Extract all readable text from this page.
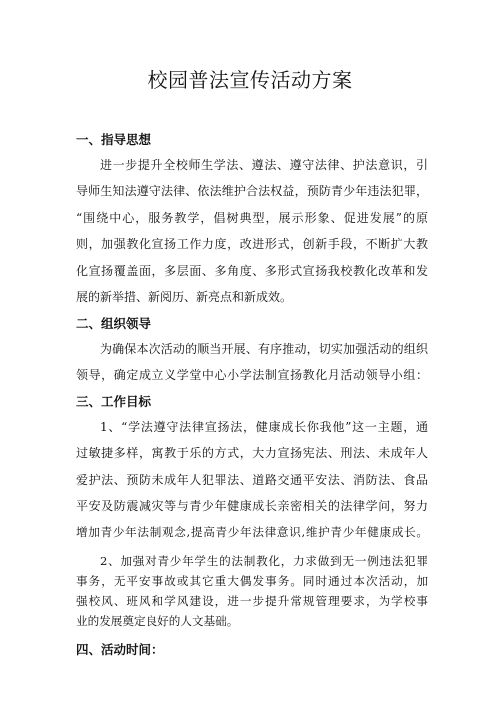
校园普法宣传活动方案
一、指导思想
进一步提升全校师生学法、遵法、遵守法律、护法意识，引
导师生知法遵守法律、依法维护合法权益，预防青少年违法犯罪，
“围绕中心，服务教学，倡树典型，展示形象、促进发展”的原
则，加强教化宣扬工作力度，改进形式，创新手段，不断扩大教
化宣扬覆盖面，多层面、多角度、多形式宣扬我校教化改革和发
展的新举措、新阅历、新亮点和新成效。
二、组织领导
为确保本次活动的顺当开展、有序推动，切实加强活动的组织
领导，确定成立义学堂中心小学法制宣扬教化月活动领导小组：
三、工作目标
1、“学法遵守法律宣扬法，健康成长你我他”这一主题，通
过敏捷多样，寓教于乐的方式，大力宣扬宪法、刑法、未成年人
爱护法、预防未成年人犯罪法、道路交通平安法、消防法、食品
平安及防震减灾等与青少年健康成长亲密相关的法律学问，努力
增加青少年法制观念,提高青少年法律意识,维护青少年健康成长。
2、加强对青少年学生的法制教化，力求做到无一例违法犯罪
事务，无平安事故或其它重大偶发事务。同时通过本次活动，加
强校风、班风和学风建设，进一步提升常规管理要求，为学校事
业的发展奠定良好的人文基础。
四、活动时间：
